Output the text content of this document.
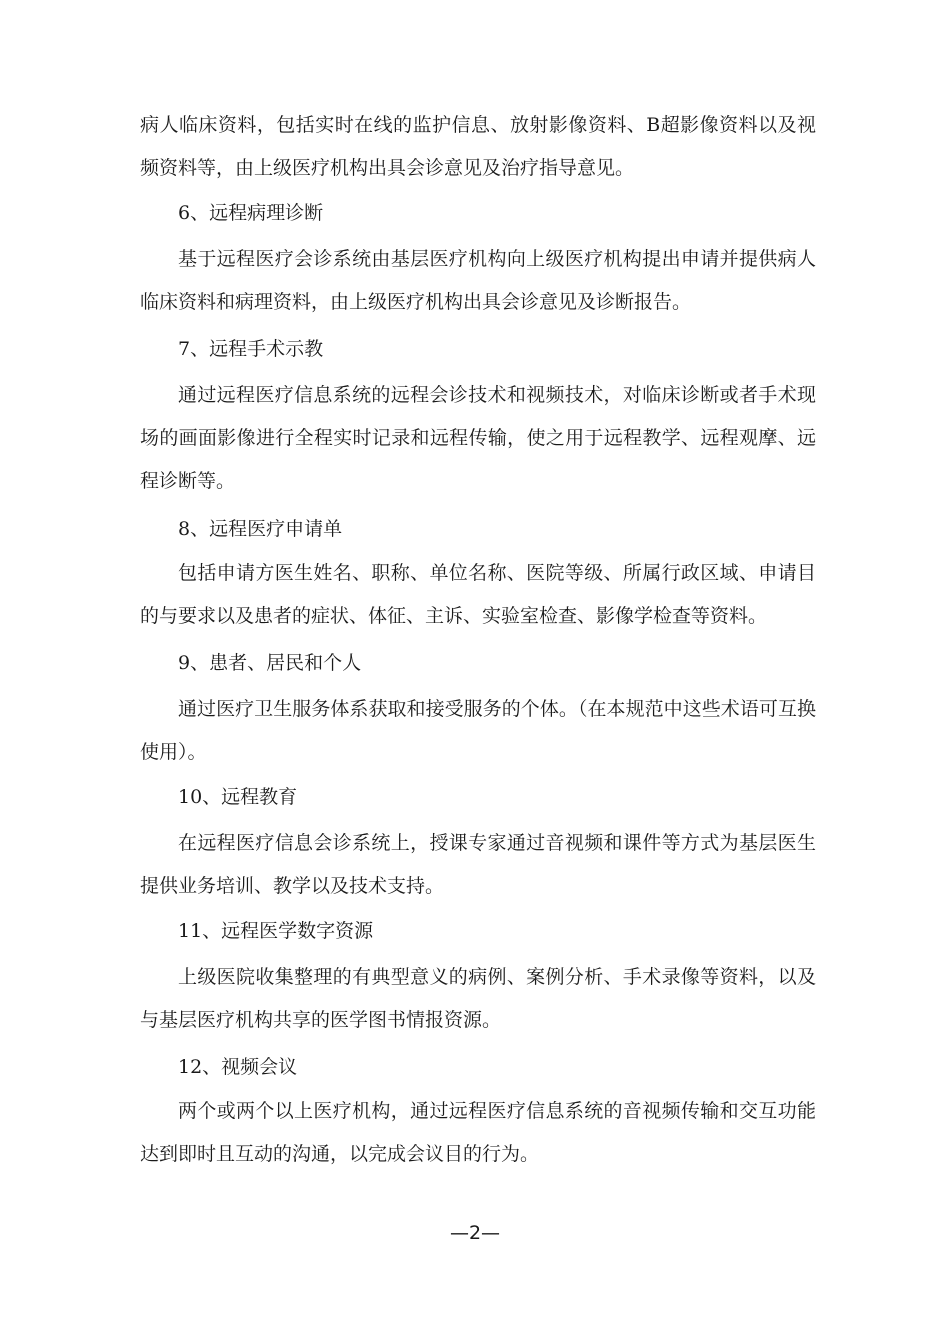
病人临床资料，包括实时在线的监护信息、放射影像资料、B超影像资料以及视频资料等，由上级医疗机构出具会诊意见及治疗指导意见。

6、远程病理诊断

基于远程医疗会诊系统由基层医疗机构向上级医疗机构提出申请并提供病人临床资料和病理资料，由上级医疗机构出具会诊意见及诊断报告。

7、远程手术示教

通过远程医疗信息系统的远程会诊技术和视频技术，对临床诊断或者手术现场的画面影像进行全程实时记录和远程传输，使之用于远程教学、远程观摩、远程诊断等。

8、远程医疗申请单

包括申请方医生姓名、职称、单位名称、医院等级、所属行政区域、申请目的与要求以及患者的症状、体征、主诉、实验室检查、影像学检查等资料。

9、患者、居民和个人

通过医疗卫生服务体系获取和接受服务的个体。（在本规范中这些术语可互换使用）。

10、远程教育

在远程医疗信息会诊系统上，授课专家通过音视频和课件等方式为基层医生提供业务培训、教学以及技术支持。

11、远程医学数字资源

上级医院收集整理的有典型意义的病例、案例分析、手术录像等资料，以及与基层医疗机构共享的医学图书情报资源。

12、视频会议

两个或两个以上医疗机构，通过远程医疗信息系统的音视频传输和交互功能达到即时且互动的沟通，以完成会议目的行为。

—2—
